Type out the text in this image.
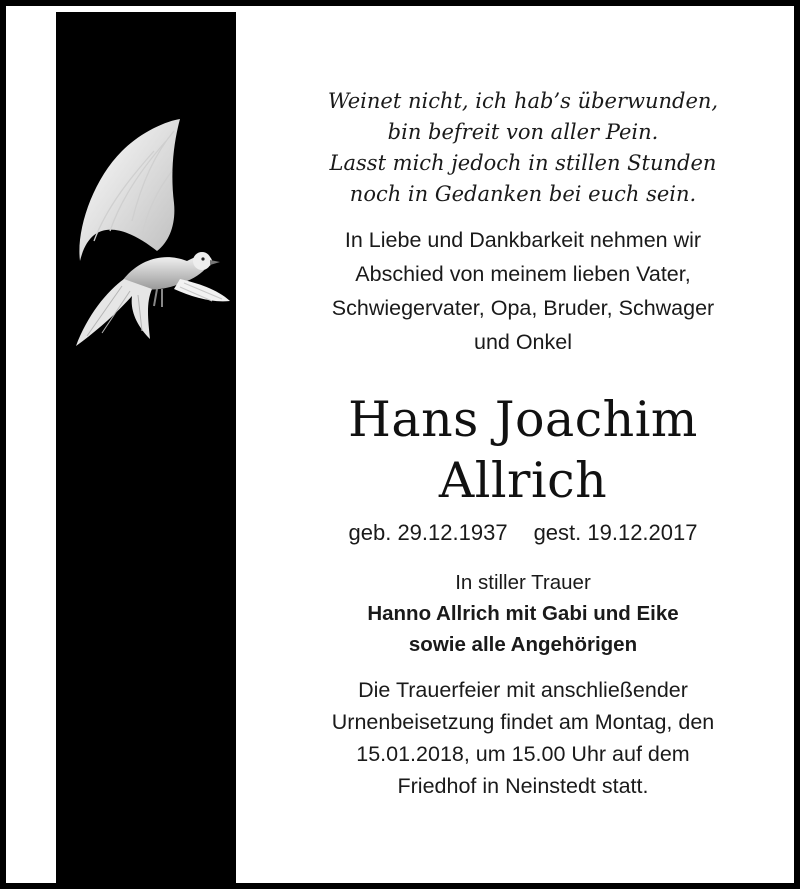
Weinet nicht, ich hab’s überwunden,
bin befreit von aller Pein.
Lasst mich jedoch in stillen Stunden
noch in Gedanken bei euch sein.
In Liebe und Dankbarkeit nehmen wir
Abschied von meinem lieben Vater,
Schwiegervater, Opa, Bruder, Schwager
und Onkel
Hans Joachim
Allrich
geb. 29.12.1937 gest. 19.12.2017
In stiller Trauer
Hanno Allrich mit Gabi und Eike
sowie alle Angehörigen
Die Trauerfeier mit anschließender
Urnenbeisetzung findet am Montag, den
15.01.2018, um 15.00 Uhr auf dem
Friedhof in Neinstedt statt.
